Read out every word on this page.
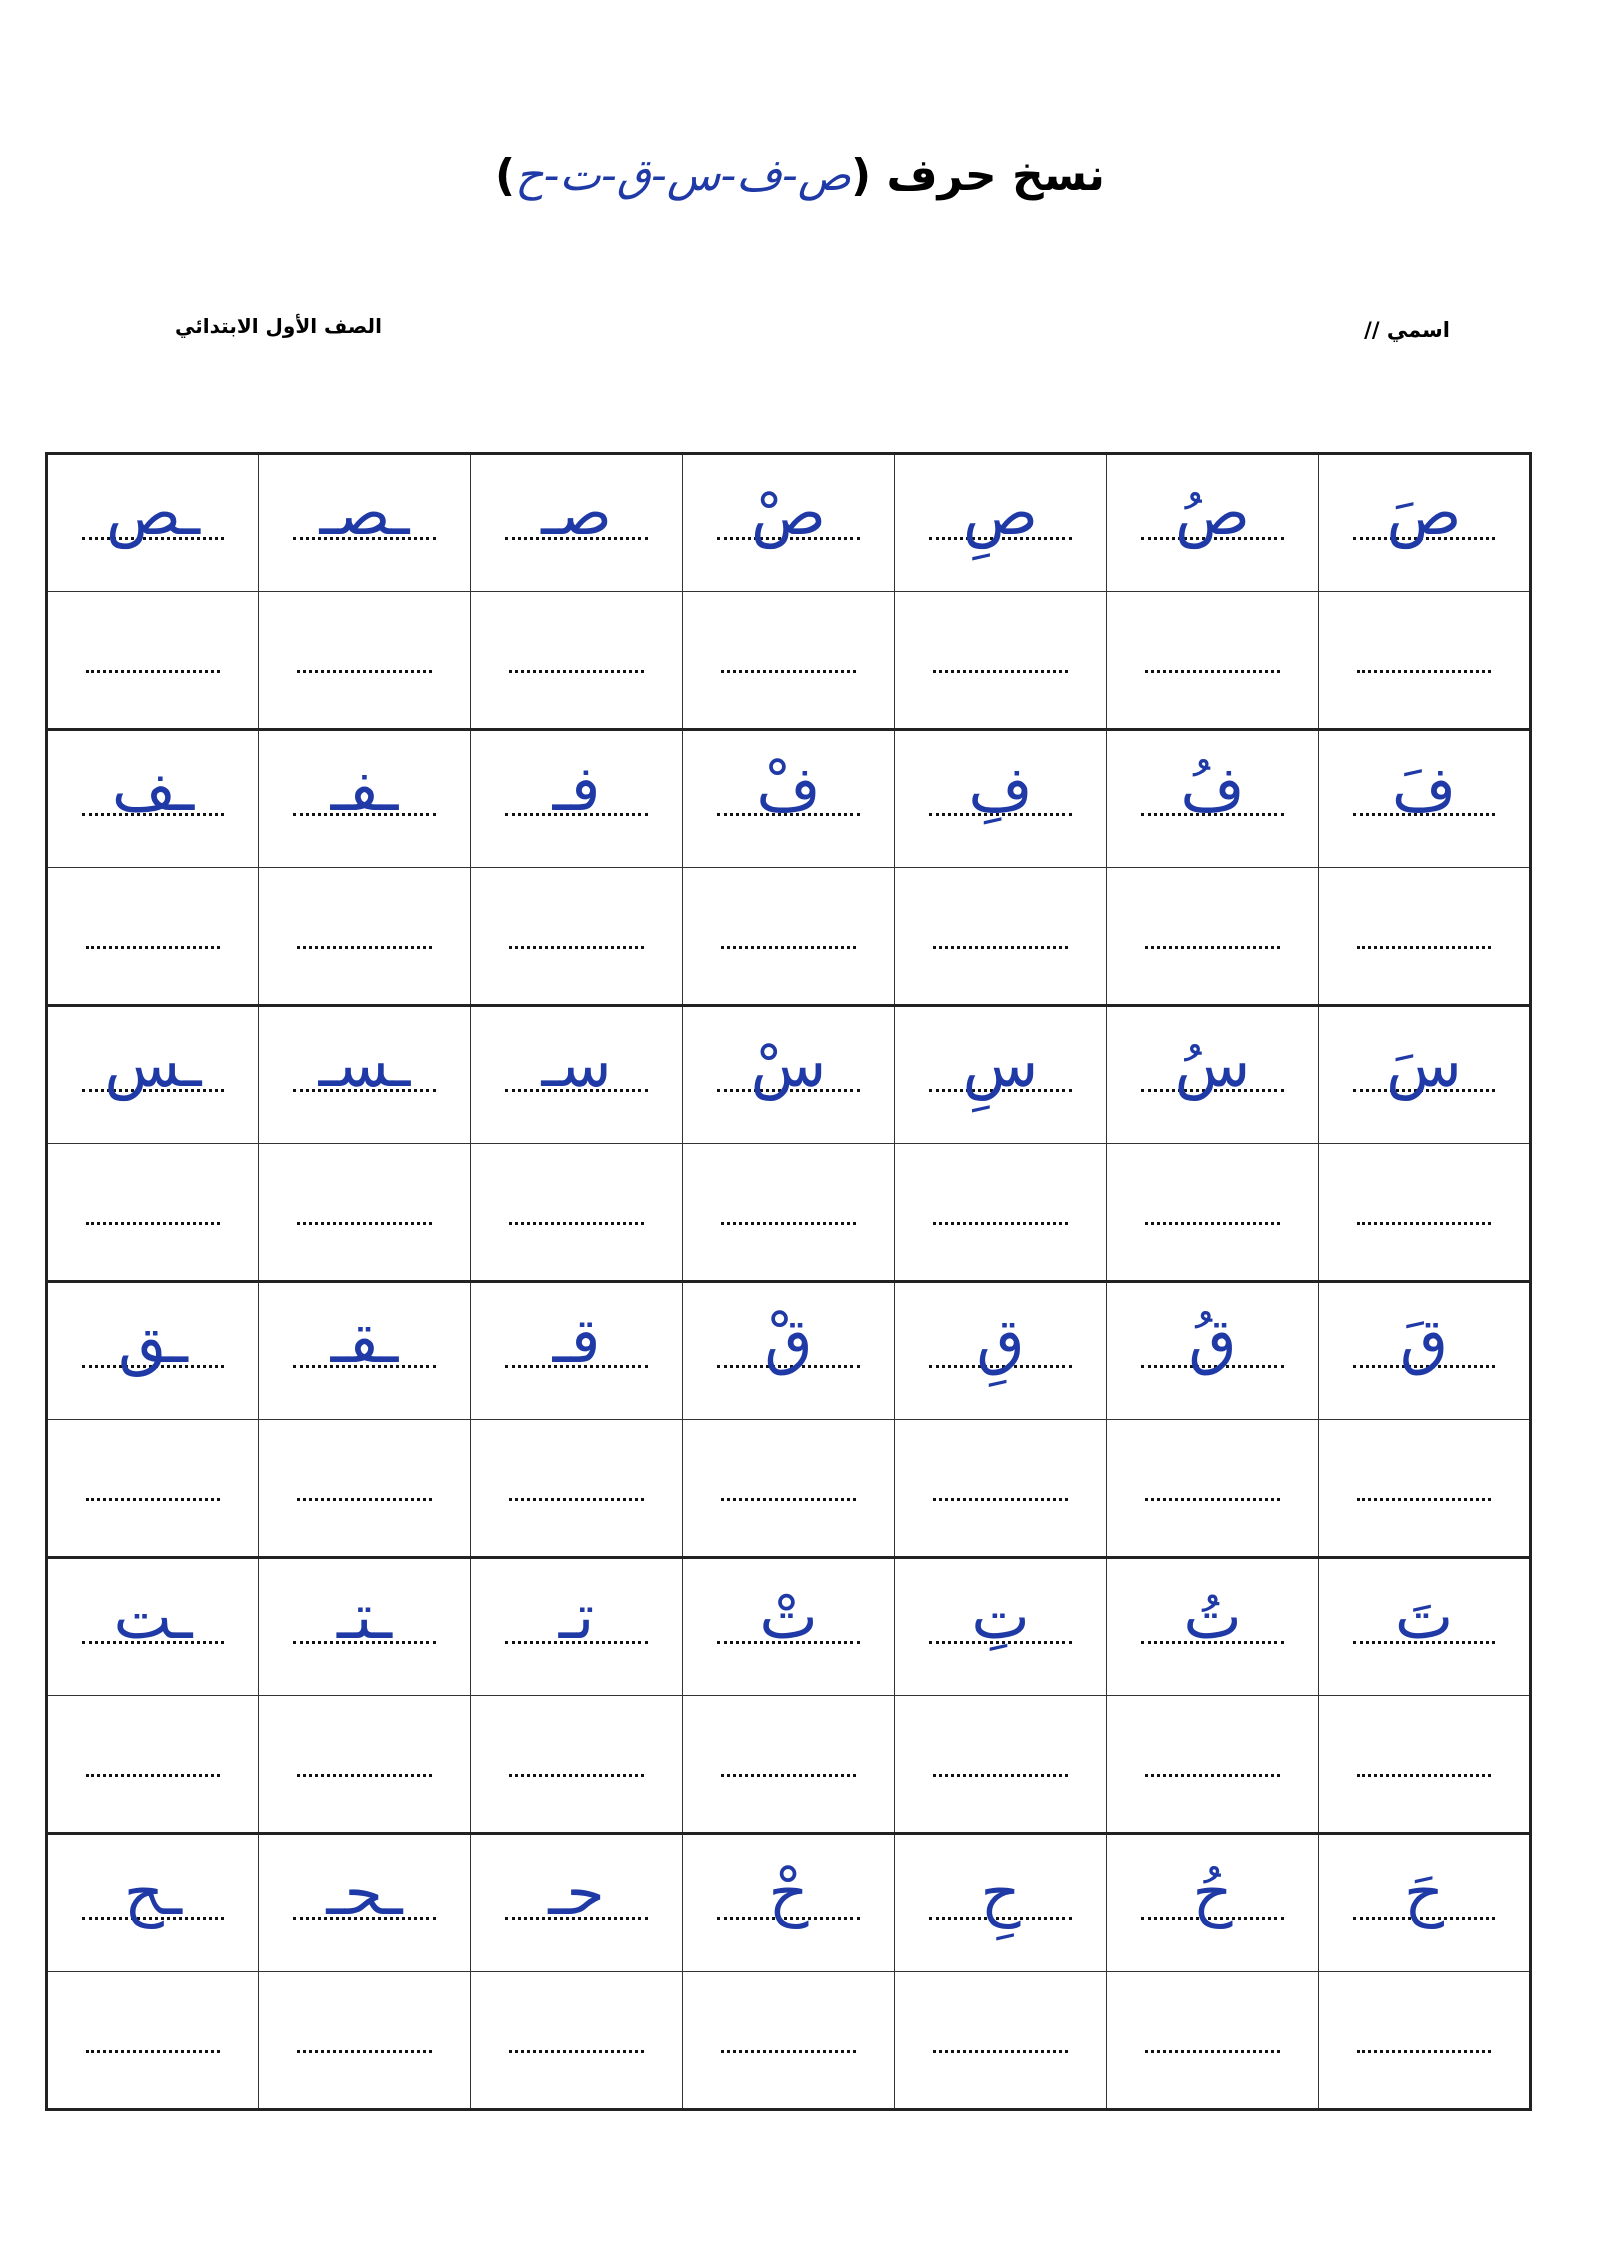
نسخ حرف (ص-ف-س-ق-ت-ح)
اسمي //
الصف الأول الابتدائي
صَ	صُ	صِ	صْ	صـ	ـصـ	ـص

فَ	فُ	فِ	فْ	فـ	ـفـ	ـف

سَ	سُ	سِ	سْ	سـ	ـسـ	ـس

قَ	قُ	قِ	قْ	قـ	ـقـ	ـق

تَ	تُ	تِ	تْ	تـ	ـتـ	ـت

حَ	حُ	حِ	حْ	حـ	ـحـ	ـح
